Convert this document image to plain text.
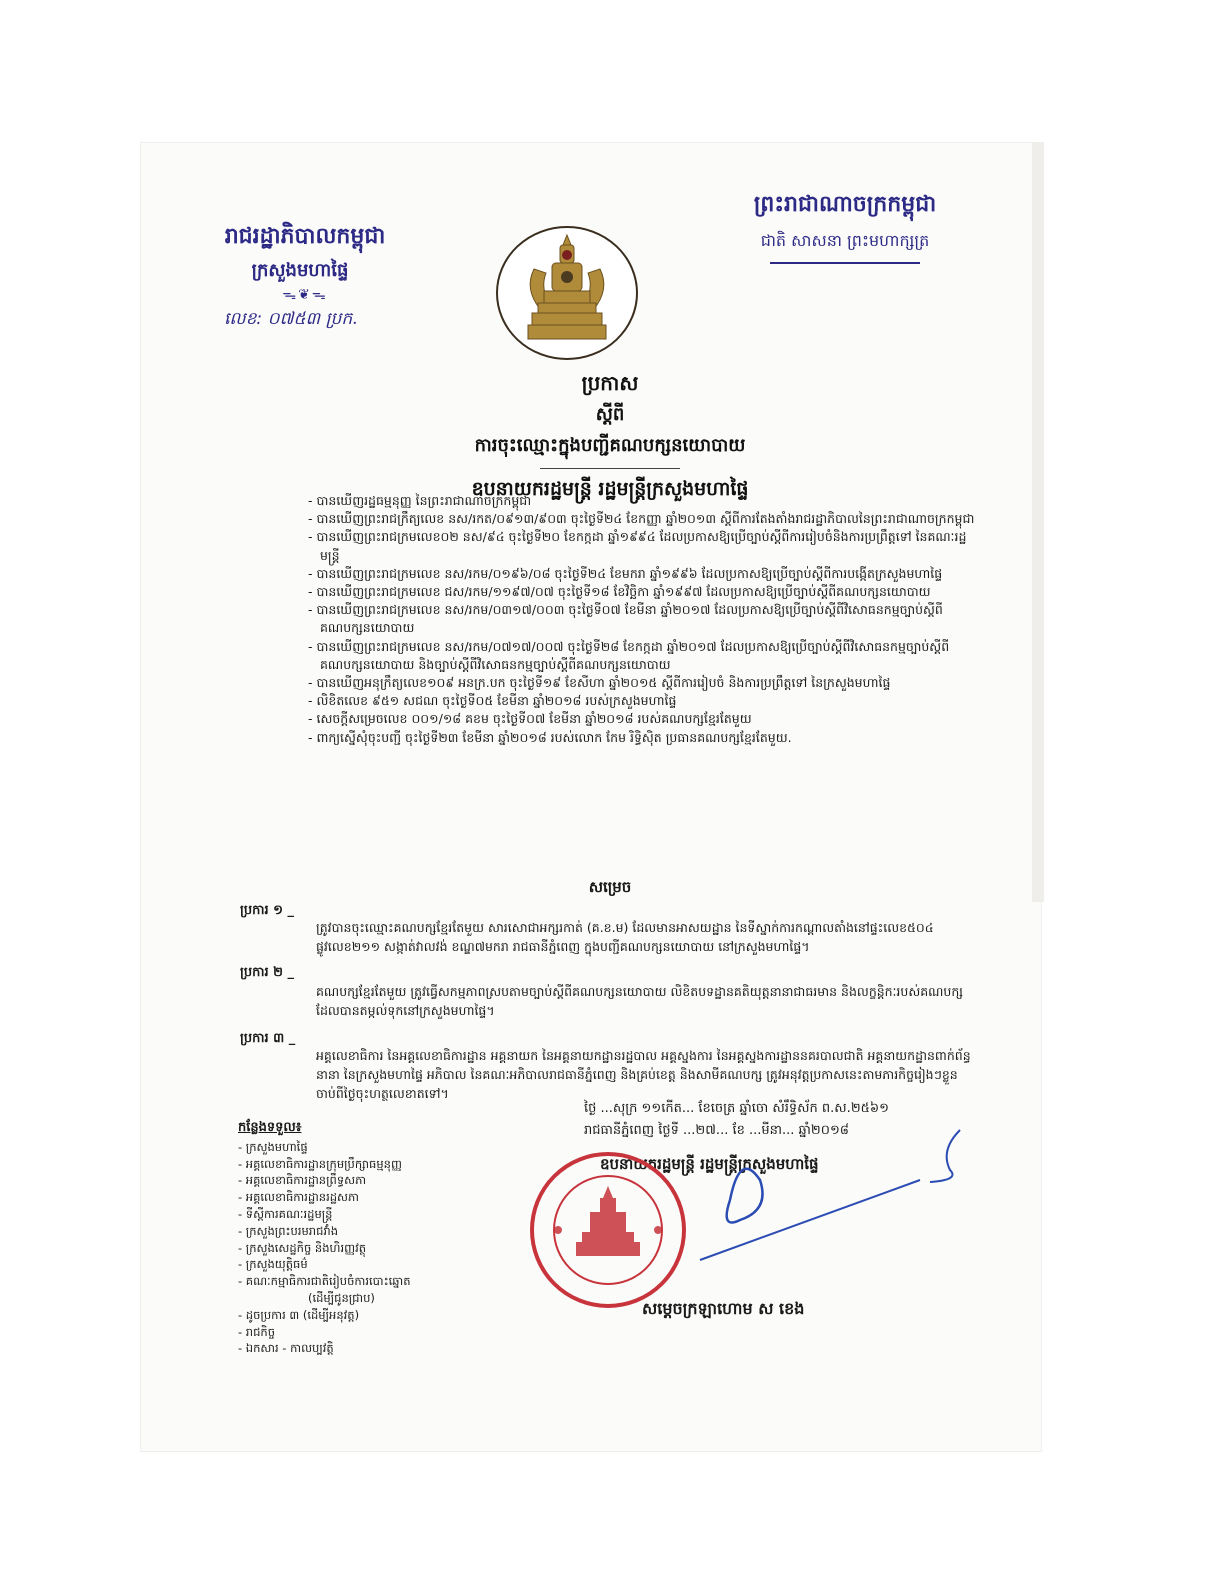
រាជរដ្ឋាភិបាលកម្ពុជា
ក្រសួងមហាផ្ទៃ
ᯓ❦ᯓ
លេខ: ០៧៥៣ ប្រក.
ព្រះរាជាណាចក្រកម្ពុជា
ជាតិ សាសនា ព្រះមហាក្សត្រ
ប្រកាស
ស្តីពី
ការចុះឈ្មោះក្នុងបញ្ជីគណបក្សនយោបាយ
ឧបនាយករដ្ឋមន្ត្រី រដ្ឋមន្ត្រីក្រសួងមហាផ្ទៃ
- បានឃើញរដ្ឋធម្មនុញ្ញ នៃព្រះរាជាណាចក្រកម្ពុជា
- បានឃើញព្រះរាជក្រឹត្យលេខ នស/រកត/០៩១៣/៩០៣ ចុះថ្ងៃទី២៤ ខែកញ្ញា ឆ្នាំ២០១៣ ស្តីពីការតែងតាំងរាជរដ្ឋាភិបាលនៃព្រះរាជាណាចក្រកម្ពុជា
- បានឃើញព្រះរាជក្រមលេខ០២ នស/៩៤ ចុះថ្ងៃទី២០ ខែកក្កដា ឆ្នាំ១៩៩៤ ដែលប្រកាសឱ្យប្រើច្បាប់ស្តីពីការរៀបចំនិងការប្រព្រឹត្តទៅ នៃគណៈរដ្ឋមន្ត្រី
- បានឃើញព្រះរាជក្រមលេខ នស/រកម/០១៩៦/០៨ ចុះថ្ងៃទី២៤ ខែមករា ឆ្នាំ១៩៩៦ ដែលប្រកាសឱ្យប្រើច្បាប់ស្តីពីការបង្កើតក្រសួងមហាផ្ទៃ
- បានឃើញព្រះរាជក្រមលេខ ជស/រកម/១១៩៧/០៧ ចុះថ្ងៃទី១៨ ខែវិច្ឆិកា ឆ្នាំ១៩៩៧ ដែលប្រកាសឱ្យប្រើច្បាប់ស្តីពីគណបក្សនយោបាយ
- បានឃើញព្រះរាជក្រមលេខ នស/រកម/០៣១៧/០០៣ ចុះថ្ងៃទី០៧ ខែមីនា ឆ្នាំ២០១៧ ដែលប្រកាសឱ្យប្រើច្បាប់ស្តីពីវិសោធនកម្មច្បាប់ស្តីពីគណបក្សនយោបាយ
- បានឃើញព្រះរាជក្រមលេខ នស/រកម/០៧១៧/០០៧ ចុះថ្ងៃទី២៨ ខែកក្កដា ឆ្នាំ២០១៧ ដែលប្រកាសឱ្យប្រើច្បាប់ស្តីពីវិសោធនកម្មច្បាប់ស្តីពីគណបក្សនយោបាយ និងច្បាប់ស្តីពីវិសោធនកម្មច្បាប់ស្តីពីគណបក្សនយោបាយ
- បានឃើញអនុក្រឹត្យលេខ១០៩ អនក្រ.បក ចុះថ្ងៃទី១៩ ខែសីហា ឆ្នាំ២០១៥ ស្តីពីការរៀបចំ និងការប្រព្រឹត្តទៅ នៃក្រសួងមហាផ្ទៃ
- លិខិតលេខ ៩៥១ សជណ ចុះថ្ងៃទី០៥ ខែមីនា ឆ្នាំ២០១៨ របស់ក្រសួងមហាផ្ទៃ
- សេចក្តីសម្រេចលេខ ០០១/១៨ គខម ចុះថ្ងៃទី០៧ ខែមីនា ឆ្នាំ២០១៨ របស់គណបក្សខ្មែរតែមួយ
- ពាក្យស្នើសុំចុះបញ្ជី ចុះថ្ងៃទី២៣ ខែមីនា ឆ្នាំ២០១៨ របស់លោក កែម រិទ្ធិស៊ិត ប្រធានគណបក្សខ្មែរតែមួយ.
សម្រេច
ប្រការ ១ _
ត្រូវបានចុះឈ្មោះគណបក្សខ្មែរតែមួយ សារសោជាអក្សរកាត់ (គ.ខ.ម) ដែលមានអាសយដ្ឋាន នៃទីស្នាក់ការកណ្តាលតាំងនៅផ្ទះលេខ៥០៤ ផ្លូវលេខ២១១ សង្កាត់វាលវង់ ខណ្ឌ៧មករា រាជធានីភ្នំពេញ ក្នុងបញ្ជីគណបក្សនយោបាយ នៅក្រសួងមហាផ្ទៃ។
ប្រការ ២ _
គណបក្សខ្មែរតែមួយ ត្រូវធ្វើសកម្មភាពស្របតាមច្បាប់ស្តីពីគណបក្សនយោបាយ លិខិតបទដ្ឋានគតិយុត្តនានាជាធរមាន និងលក្ខន្តិកៈរបស់គណបក្សដែលបានតម្កល់ទុកនៅក្រសួងមហាផ្ទៃ។
ប្រការ ៣ _
អគ្គលេខាធិការ នៃអគ្គលេខាធិការដ្ឋាន អគ្គនាយក នៃអគ្គនាយកដ្ឋានរដ្ឋបាល អគ្គស្នងការ នៃអគ្គស្នងការដ្ឋាននគរបាលជាតិ អគ្គនាយកដ្ឋានពាក់ព័ន្ធនានា នៃក្រសួងមហាផ្ទៃ អភិបាល នៃគណៈអភិបាលរាជធានីភ្នំពេញ និងគ្រប់ខេត្ត និងសាមីគណបក្ស ត្រូវអនុវត្តប្រកាសនេះតាមភារកិច្ចរៀងៗខ្លួន ចាប់ពីថ្ងៃចុះហត្ថលេខាតទៅ។
ថ្ងៃ ...សុក្រ ១១កើត... ខែចេត្រ ឆ្នាំចោ សំរឹទ្ធិស័ក ព.ស.២៥៦១
រាជធានីភ្នំពេញ ថ្ងៃទី ...២៧... ខែ ...មីនា... ឆ្នាំ២០១៨
ឧបនាយករដ្ឋមន្ត្រី រដ្ឋមន្ត្រីក្រសួងមហាផ្ទៃ
សម្តេចក្រឡាហោម ស ខេង
កន្លែងទទួល៖
- ក្រសួងមហាផ្ទៃ
- អគ្គលេខាធិការដ្ឋានក្រុមប្រឹក្សាធម្មនុញ្ញ
- អគ្គលេខាធិការដ្ឋានព្រឹទ្ធសភា
- អគ្គលេខាធិការដ្ឋានរដ្ឋសភា
- ទីស្តីការគណៈរដ្ឋមន្ត្រី
- ក្រសួងព្រះបរមរាជវាំង
- ក្រសួងសេដ្ឋកិច្ច និងហិរញ្ញវត្ថុ
- ក្រសួងយុត្តិធម៌
- គណៈកម្មាធិការជាតិរៀបចំការបោះឆ្នោត
(ដើម្បីជូនជ្រាប)
- ដូចប្រការ ៣ (ដើម្បីអនុវត្ត)
- រាជកិច្ច
- ឯកសារ - កាលប្បវត្តិ
